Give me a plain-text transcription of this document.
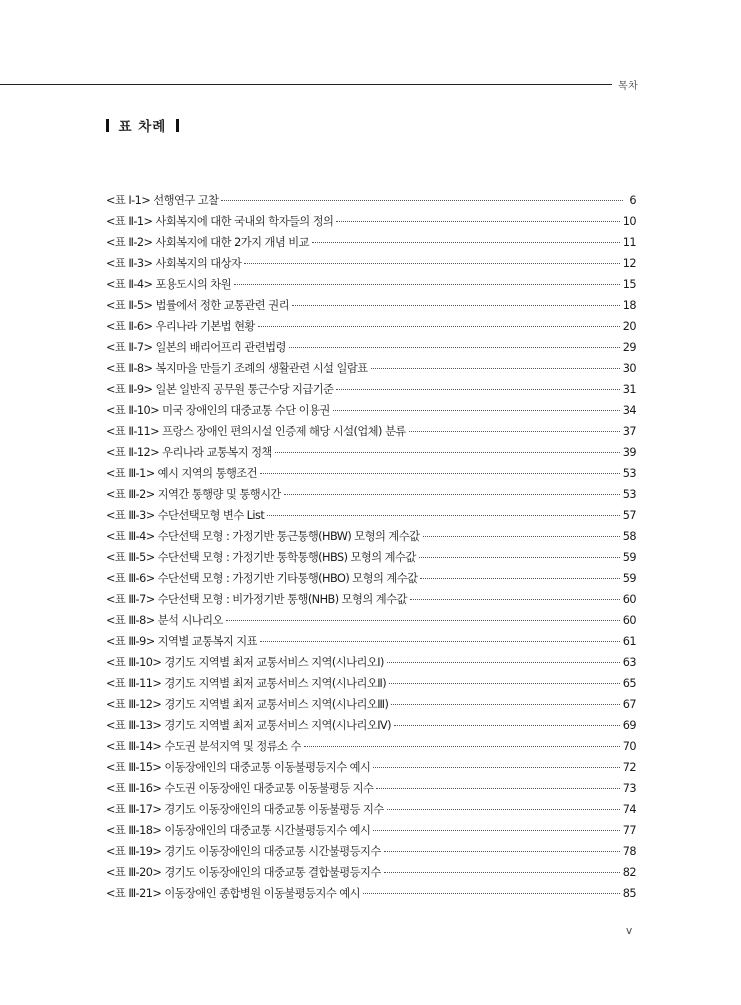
목차
표 차례
<표 Ⅰ-1> 선행연구 고찰	6
<표 Ⅱ-1> 사회복지에 대한 국내외 학자들의 정의	10
<표 Ⅱ-2> 사회복지에 대한 2가지 개념 비교	11
<표 Ⅱ-3> 사회복지의 대상자	12
<표 Ⅱ-4> 포용도시의 차원	15
<표 Ⅱ-5> 법률에서 정한 교통관련 권리	18
<표 Ⅱ-6> 우리나라 기본법 현황	20
<표 Ⅱ-7> 일본의 배리어프리 관련법령	29
<표 Ⅱ-8> 복지마을 만들기 조례의 생활관련 시설 일람표	30
<표 Ⅱ-9> 일본 일반직 공무원 통근수당 지급기준	31
<표 Ⅱ-10> 미국 장애인의 대중교통 수단 이용권	34
<표 Ⅱ-11> 프랑스 장애인 편의시설 인증제 해당 시설(업체) 분류	37
<표 Ⅱ-12> 우리나라 교통복지 정책	39
<표 Ⅲ-1> 예시 지역의 통행조건	53
<표 Ⅲ-2> 지역간 통행량 및 통행시간	53
<표 Ⅲ-3> 수단선택모형 변수 List	57
<표 Ⅲ-4> 수단선택 모형 : 가정기반 통근통행(HBW) 모형의 계수값	58
<표 Ⅲ-5> 수단선택 모형 : 가정기반 통학통행(HBS) 모형의 계수값	59
<표 Ⅲ-6> 수단선택 모형 : 가정기반 기타통행(HBO) 모형의 계수값	59
<표 Ⅲ-7> 수단선택 모형 : 비가정기반 통행(NHB) 모형의 계수값	60
<표 Ⅲ-8> 분석 시나리오	60
<표 Ⅲ-9> 지역별 교통복지 지표	61
<표 Ⅲ-10> 경기도 지역별 최저 교통서비스 지역(시나리오Ⅰ)	63
<표 Ⅲ-11> 경기도 지역별 최저 교통서비스 지역(시나리오Ⅱ)	65
<표 Ⅲ-12> 경기도 지역별 최저 교통서비스 지역(시나리오Ⅲ)	67
<표 Ⅲ-13> 경기도 지역별 최저 교통서비스 지역(시나리오Ⅳ)	69
<표 Ⅲ-14> 수도권 분석지역 및 정류소 수	70
<표 Ⅲ-15> 이동장애인의 대중교통 이동불평등지수 예시	72
<표 Ⅲ-16> 수도권 이동장애인 대중교통 이동불평등 지수	73
<표 Ⅲ-17> 경기도 이동장애인의 대중교통 이동불평등 지수	74
<표 Ⅲ-18> 이동장애인의 대중교통 시간불평등지수 예시	77
<표 Ⅲ-19> 경기도 이동장애인의 대중교통 시간불평등지수	78
<표 Ⅲ-20> 경기도 이동장애인의 대중교통 결합불평등지수	82
<표 Ⅲ-21> 이동장애인 종합병원 이동불평등지수 예시	85
v
